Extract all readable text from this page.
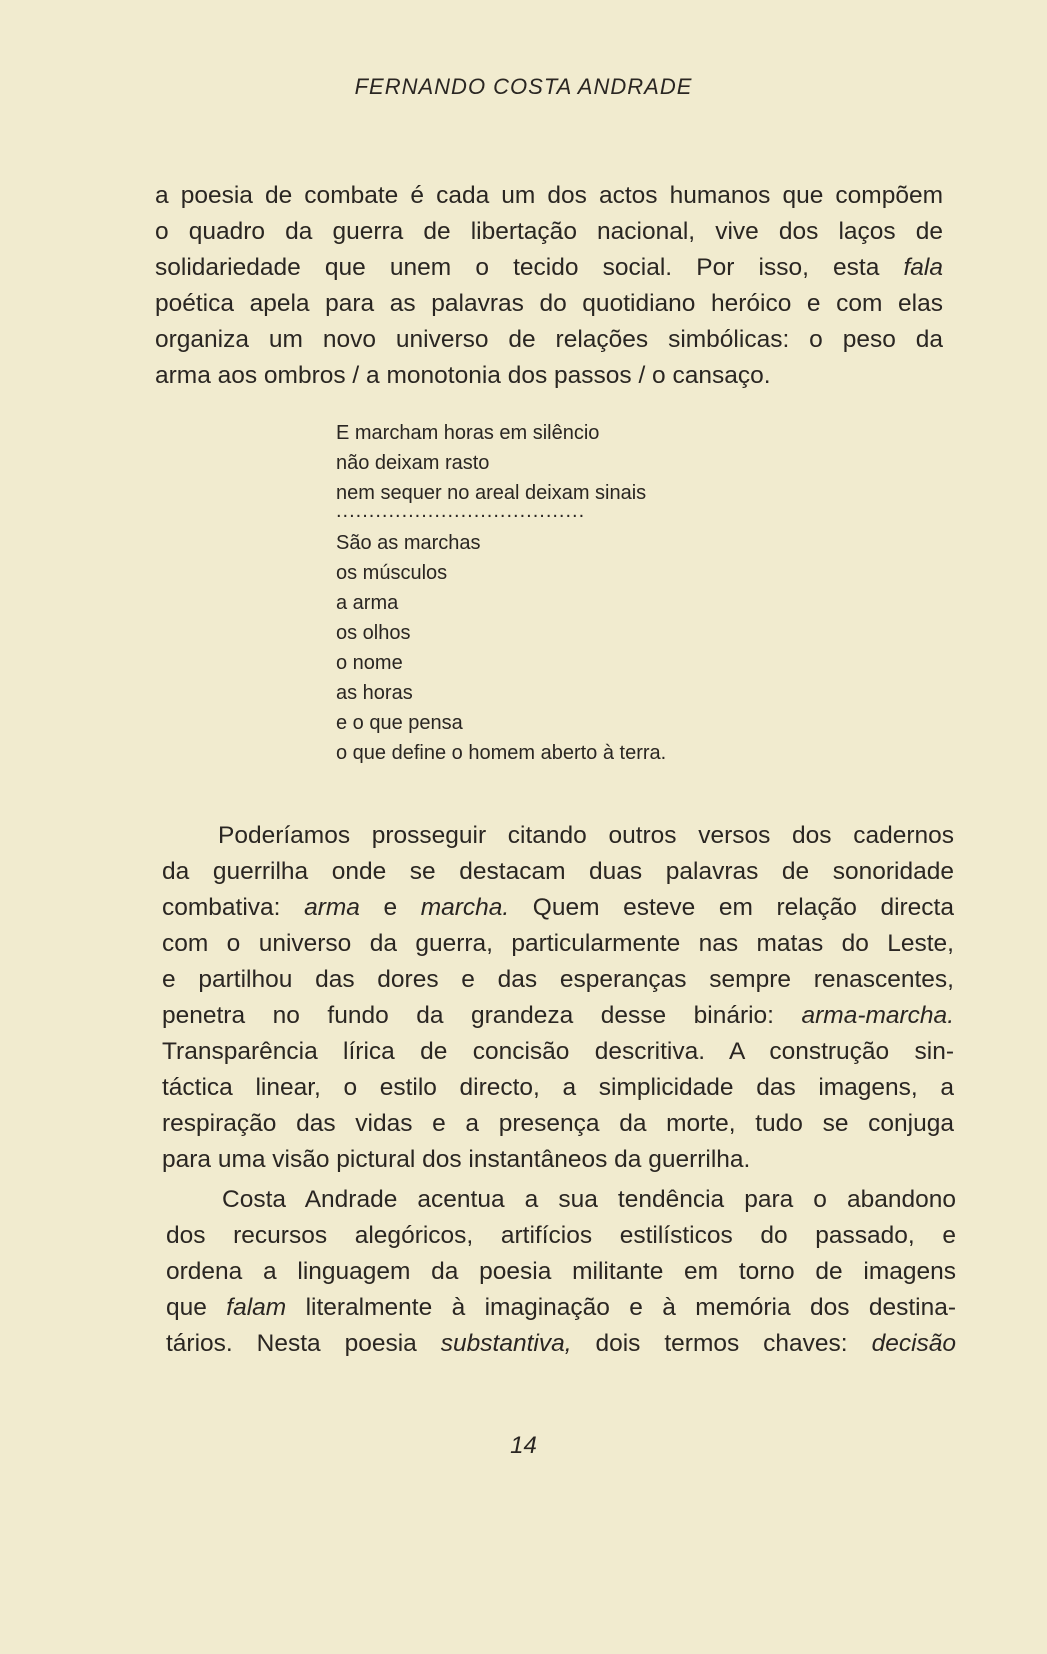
FERNANDO COSTA ANDRADE
a poesia de combate é cada um dos actos humanos que compõem
o quadro da guerra de libertação nacional, vive dos laços de
solidariedade que unem o tecido social. Por isso, esta fala
poética apela para as palavras do quotidiano heróico e com elas
organiza um novo universo de relações simbólicas: o peso da
arma aos ombros / a monotonia dos passos / o cansaço.
E marcham horas em silêncio
não deixam rasto
nem sequer no areal deixam sinais
......................................
São as marchas
os músculos
a arma
os olhos
o nome
as horas
e o que pensa
o que define o homem aberto à terra.
Poderíamos prosseguir citando outros versos dos cadernos
da guerrilha onde se destacam duas palavras de sonoridade
combativa: arma e marcha. Quem esteve em relação directa
com o universo da guerra, particularmente nas matas do Leste,
e partilhou das dores e das esperanças sempre renascentes,
penetra no fundo da grandeza desse binário: arma-marcha.
Transparência lírica de concisão descritiva. A construção sin-
táctica linear, o estilo directo, a simplicidade das imagens, a
respiração das vidas e a presença da morte, tudo se conjuga
para uma visão pictural dos instantâneos da guerrilha.
Costa Andrade acentua a sua tendência para o abandono
dos recursos alegóricos, artifícios estilísticos do passado, e
ordena a linguagem da poesia militante em torno de imagens
que falam literalmente à imaginação e à memória dos destina-
tários. Nesta poesia substantiva, dois termos chaves: decisão
14
